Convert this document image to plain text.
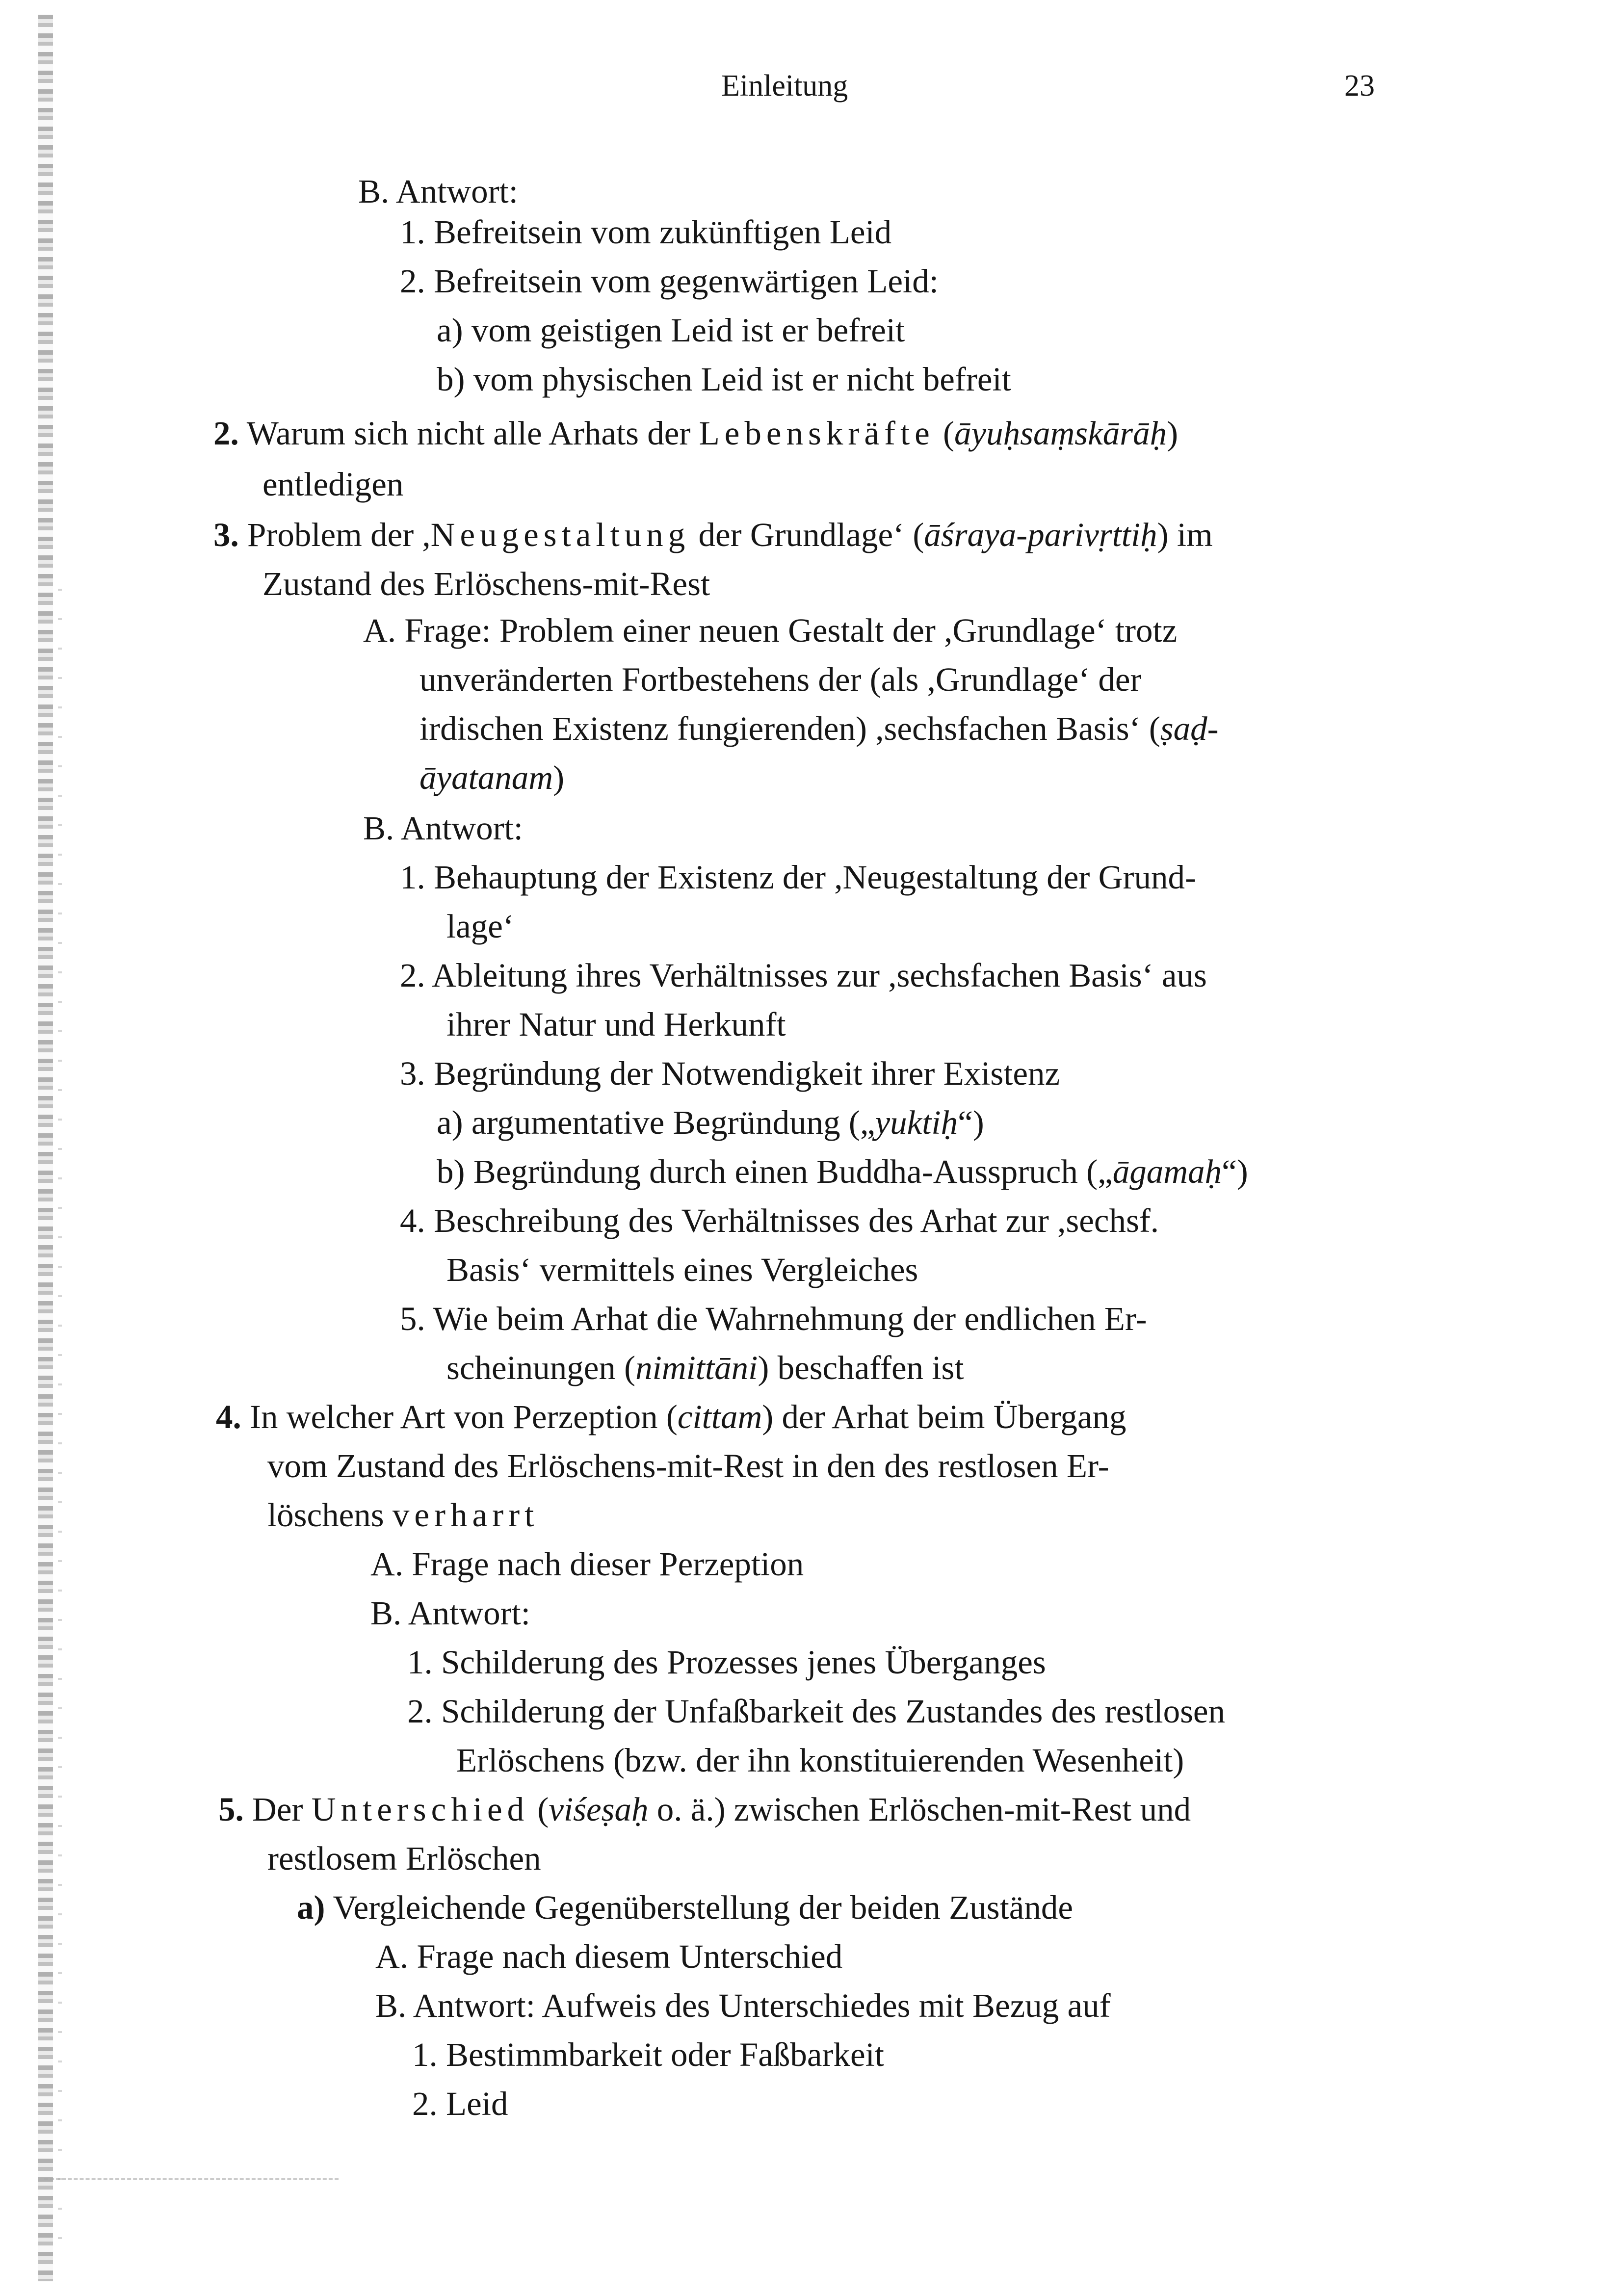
Einleitung	23
B. Antwort:
1. Befreitsein vom zukünftigen Leid
2. Befreitsein vom gegenwärtigen Leid:
a) vom geistigen Leid ist er befreit
b) vom physischen Leid ist er nicht befreit
2. Warum sich nicht alle Arhats der Lebenskräfte (āyuḥsaṃskārāḥ)
entledigen
3. Problem der ,Neugestaltung der Grundlage‘ (āśraya-parivṛttiḥ) im
Zustand des Erlöschens-mit-Rest
A. Frage: Problem einer neuen Gestalt der ,Grundlage‘ trotz
unveränderten Fortbestehens der (als ,Grundlage‘ der
irdischen Existenz fungierenden) ,sechsfachen Basis‘ (ṣaḍ-
āyatanam)
B. Antwort:
1. Behauptung der Existenz der ,Neugestaltung der Grund-
lage‘
2. Ableitung ihres Verhältnisses zur ,sechsfachen Basis‘ aus
ihrer Natur und Herkunft
3. Begründung der Notwendigkeit ihrer Existenz
a) argumentative Begründung („yuktiḥ“)
b) Begründung durch einen Buddha-Ausspruch („āgamaḥ“)
4. Beschreibung des Verhältnisses des Arhat zur ,sechsf.
Basis‘ vermittels eines Vergleiches
5. Wie beim Arhat die Wahrnehmung der endlichen Er-
scheinungen (nimittāni) beschaffen ist
4. In welcher Art von Perzeption (cittam) der Arhat beim Übergang
vom Zustand des Erlöschens-mit-Rest in den des restlosen Er-
löschens verharrt
A. Frage nach dieser Perzeption
B. Antwort:
1. Schilderung des Prozesses jenes Überganges
2. Schilderung der Unfaßbarkeit des Zustandes des restlosen
Erlöschens (bzw. der ihn konstituierenden Wesenheit)
5. Der Unterschied (viśeṣaḥ o. ä.) zwischen Erlöschen-mit-Rest und
restlosem Erlöschen
a) Vergleichende Gegenüberstellung der beiden Zustände
A. Frage nach diesem Unterschied
B. Antwort: Aufweis des Unterschiedes mit Bezug auf
1. Bestimmbarkeit oder Faßbarkeit
2. Leid
